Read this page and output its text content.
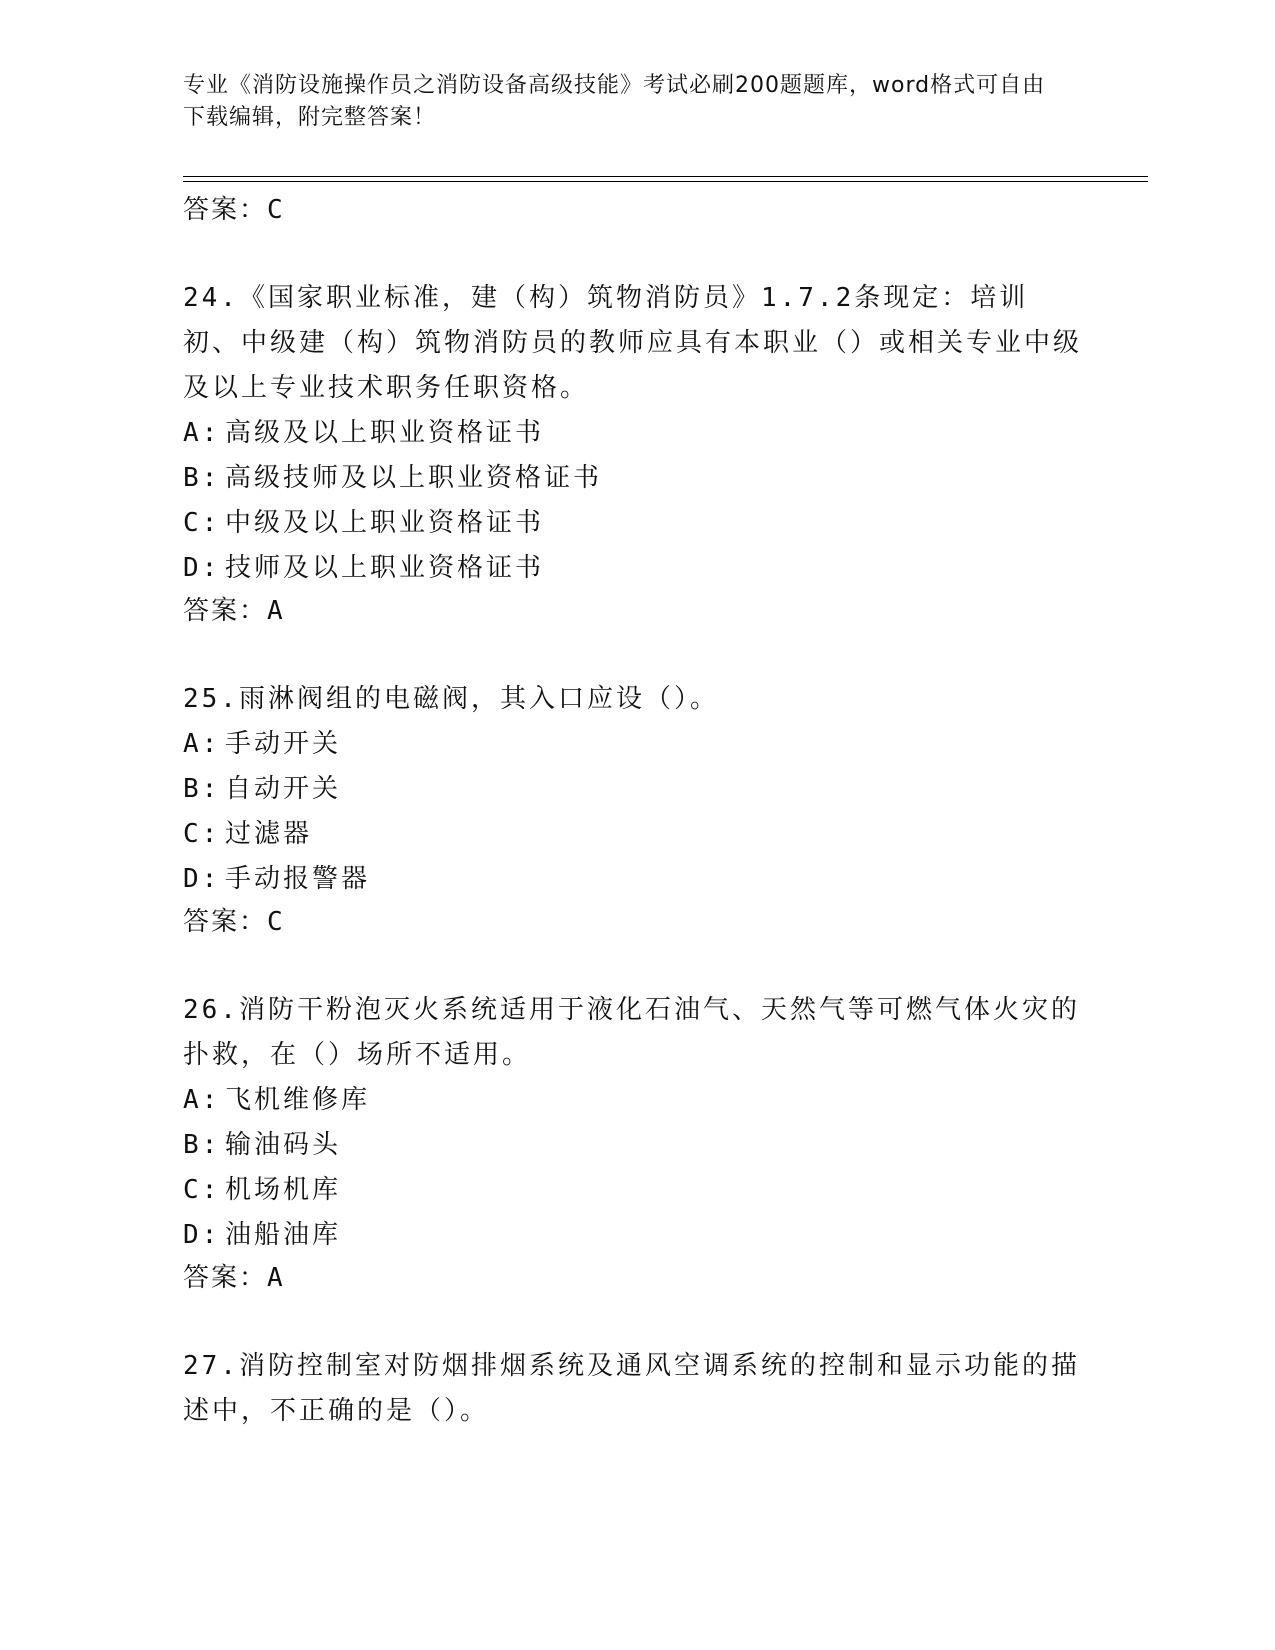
专业《消防设施操作员之消防设备高级技能》考试必刷200题题库，word格式可自由下载编辑，附完整答案！
答案：C
24.《国家职业标准，建（构）筑物消防员》1.7.2条现定：培训初、中级建（构）筑物消防员的教师应具有本职业（）或相关专业中级及以上专业技术职务任职资格。
A: 高级及以上职业资格证书
B: 高级技师及以上职业资格证书
C: 中级及以上职业资格证书
D: 技师及以上职业资格证书
答案：A
25.雨淋阀组的电磁阀，其入口应设（）。
A: 手动开关
B: 自动开关
C: 过滤器
D: 手动报警器
答案：C
26.消防干粉泡灭火系统适用于液化石油气、天然气等可燃气体火灾的扑救，在（）场所不适用。
A: 飞机维修库
B: 输油码头
C: 机场机库
D: 油船油库
答案：A
27.消防控制室对防烟排烟系统及通风空调系统的控制和显示功能的描述中，不正确的是（）。
